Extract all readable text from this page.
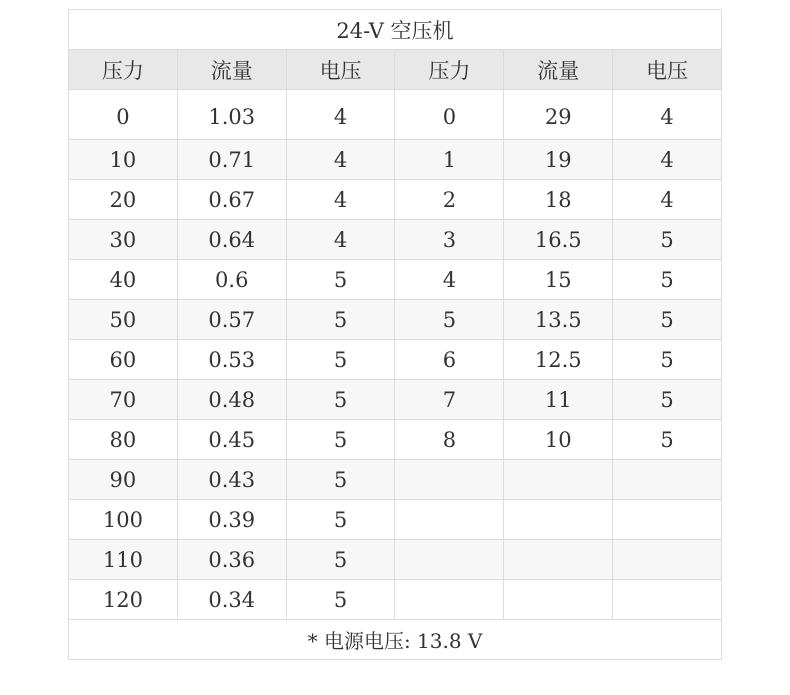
24-V 空压机					
压力	流量	电压	压力	流量	电压
0	1.03	4	0	29	4
10	0.71	4	1	19	4
20	0.67	4	2	18	4
30	0.64	4	3	16.5	5
40	0.6	5	4	15	5
50	0.57	5	5	13.5	5
60	0.53	5	6	12.5	5
70	0.48	5	7	11	5
80	0.45	5	8	10	5
90	0.43	5			
100	0.39	5			
110	0.36	5			
120	0.34	5			
* 电源电压: 13.8 V					
